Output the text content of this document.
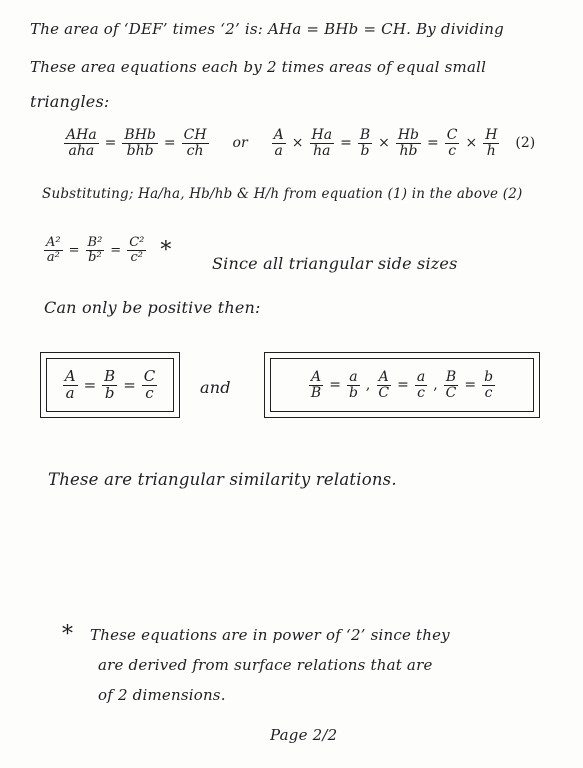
The area of ‘DEF’ times ‘2’ is: AHa = BHb = CH. By dividing
These area equations each by 2 times areas of equal small
triangles:
$\frac{\text{AHa}}{\text{aha}} = \frac{\text{BHb}}{\text{bhb}} = \frac{CH}{ch}$ or $\frac{A}{a} \times \frac{Ha}{ha} = \frac{B}{b} \times \frac{Hb}{hb} = \frac{C}{c} \times \frac{H}{h} (2)$
Substituting; Ha/ha, Hb/hb & H/h from equation (1) in the above (2)
$\frac{\text{A²}}{\text{a²}} = \frac{\text{B²}}{\text{b²}} = \frac{\text{C²}}{\text{c²}}$ *
Since all triangular side sizes
Can only be positive then:
$\frac{A}{a} = \frac{B}{b} = \frac{C}{c}$	and	$\frac{A}{B} = \frac{a}{b}$ , $\frac{A}{C} = \frac{a}{c}$ , $\frac{B}{C} = \frac{b}{c}$
These are triangular similarity relations.
* These equations are in power of ‘2’ since they
are derived from surface relations that are
of 2 dimensions.
Page 2/2
